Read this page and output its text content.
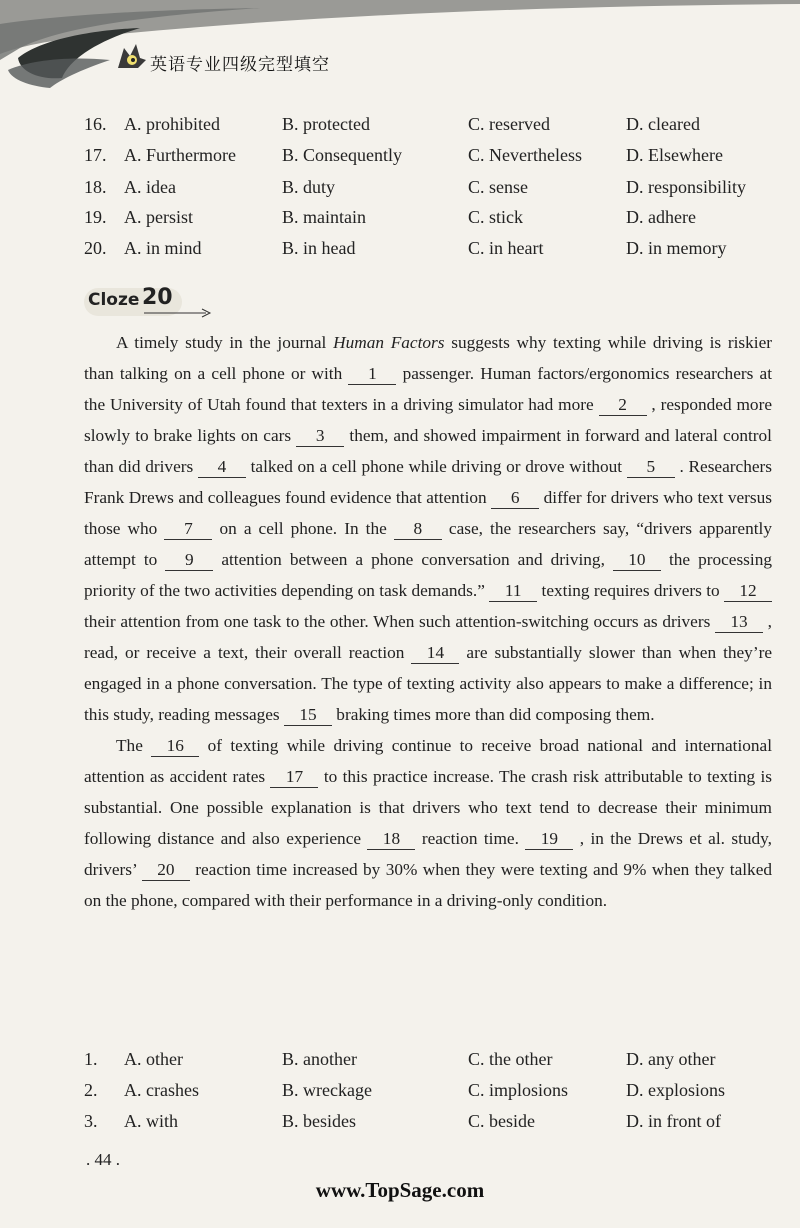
英语专业四级完型填空
16. A. prohibited	B. protected	C. reserved	D. cleared
17. A. Furthermore	B. Consequently	C. Nevertheless D. Elsewhere
18. A. idea	B. duty	C. sense	D. responsibility
19. A. persist	B. maintain	C. stick	D. adhere
20. A. in mind	B. in head	C. in heart	D. in memory
Cloze 20

A timely study in the journal Human Factors suggests why texting while driving is riskier than talking on a cell phone or with 1 passenger. Human factors/ergonomics researchers at the University of Utah found that texters in a driving simulator had more 2 , responded more slowly to brake lights on cars 3 them, and showed impairment in forward and lateral control than did drivers 4 talked on a cell phone while driving or drove without 5 . Researchers Frank Drews and colleagues found evidence that attention 6 differ for drivers who text versus those who 7 on a cell phone. In the 8 case, the researchers say, “drivers apparently attempt to 9 attention between a phone conversation and driving, 10 the processing priority of the two activities depending on task demands.” 11 texting requires drivers to 12 their attention from one task to the other. When such attention-switching occurs as drivers 13 , read, or receive a text, their overall reaction 14 are substantially slower than when they’re engaged in a phone conversation. The type of texting activity also appears to make a difference; in this study, reading messages 15 braking times more than did composing them.

The 16 of texting while driving continue to receive broad national and international attention as accident rates 17 to this practice increase. The crash risk attributable to texting is substantial. One possible explanation is that drivers who text tend to decrease their minimum following distance and also experience 18 reaction time. 19 , in the Drews et al. study, drivers’ 20 reaction time increased by 30% when they were texting and 9% when they talked on the phone, compared with their performance in a driving-only condition.

1. A. other	B. another	C. the other	D. any other
2. A. crashes	B. wreckage	C. implosions	D. explosions
3. A. with	B. besides	C. beside	D. in front of
. 44 .
www.TopSage.com
